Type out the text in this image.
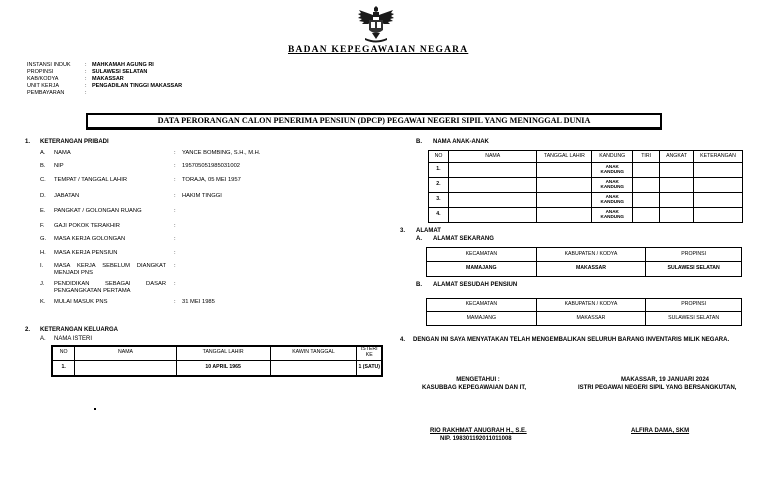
BADAN KEPEGAWAIAN NEGARA
INSTANSI INDUK	: MAHKAMAH AGUNG RI
PROPINSI	: SULAWESI SELATAN
KAB/KODYA	: MAKASSAR
UNIT KERJA	: PENGADILAN TINGGI MAKASSAR
PEMBAYARAN	:
DATA PERORANGAN CALON PENERIMA PENSIUN (DPCP) PEGAWAI NEGERI SIPIL YANG MENINGGAL DUNIA
1. KETERANGAN PRIBADI
A. NAMA	: YANCE BOMBING, S.H., M.H.
B. NIP	: 195705051985031002
C. TEMPAT / TANGGAL LAHIR	: TORAJA, 05 MEI 1957
D. JABATAN	: HAKIM TINGGI
E. PANGKAT / GOLONGAN RUANG	:
F. GAJI POKOK TERAKHIR	:
G. MASA KERJA GOLONGAN	:
H. MASA KERJA PENSIUN	:
I. MASA KERJA SEBELUM DIANGKAT MENJADI PNS
:
J. PENDIDIKAN SEBAGAI DASAR PENGANGKATAN PERTAMA
:
K. MULAI MASUK PNS	: 31 MEI 1985
2. KETERANGAN KELUARGA
A. NAMA ISTERI
NO	NAMA	TANGGAL LAHIR	KAWIN TANGGAL	ISTERI KE
1.		10 APRIL 1965		1 (SATU)
B. NAMA ANAK-ANAK
NO	NAMA	TANGGAL LAHIR	KANDUNG	TIRI	ANGKAT	KETERANGAN
1.			ANAK KANDUNG			
2.			ANAK KANDUNG			
3.			ANAK KANDUNG			
4.			ANAK KANDUNG			
3. ALAMAT
A. ALAMAT SEKARANG
KECAMATAN	KABUPATEN / KODYA	PROPINSI
MAMAJANG	MAKASSAR	SULAWESI SELATAN
B. ALAMAT SESUDAH PENSIUN
KECAMATAN	KABUPATEN / KODYA	PROPINSI
MAMAJANG	MAKASSAR	SULAWESI SELATAN
4. DENGAN INI SAYA MENYATAKAN TELAH MENGEMBALIKAN SELURUH BARANG INVENTARIS MILIK NEGARA.
MENGETAHUI :
KASUBBAG KEPEGAWAIAN DAN IT,
MAKASSAR, 19 JANUARI 2024
ISTRI PEGAWAI NEGERI SIPIL YANG BERSANGKUTAN,
RIO RAKHMAT ANUGRAH H., S.E.
NIP. 198301192011011008
ALFIRA DAMA, SKM
